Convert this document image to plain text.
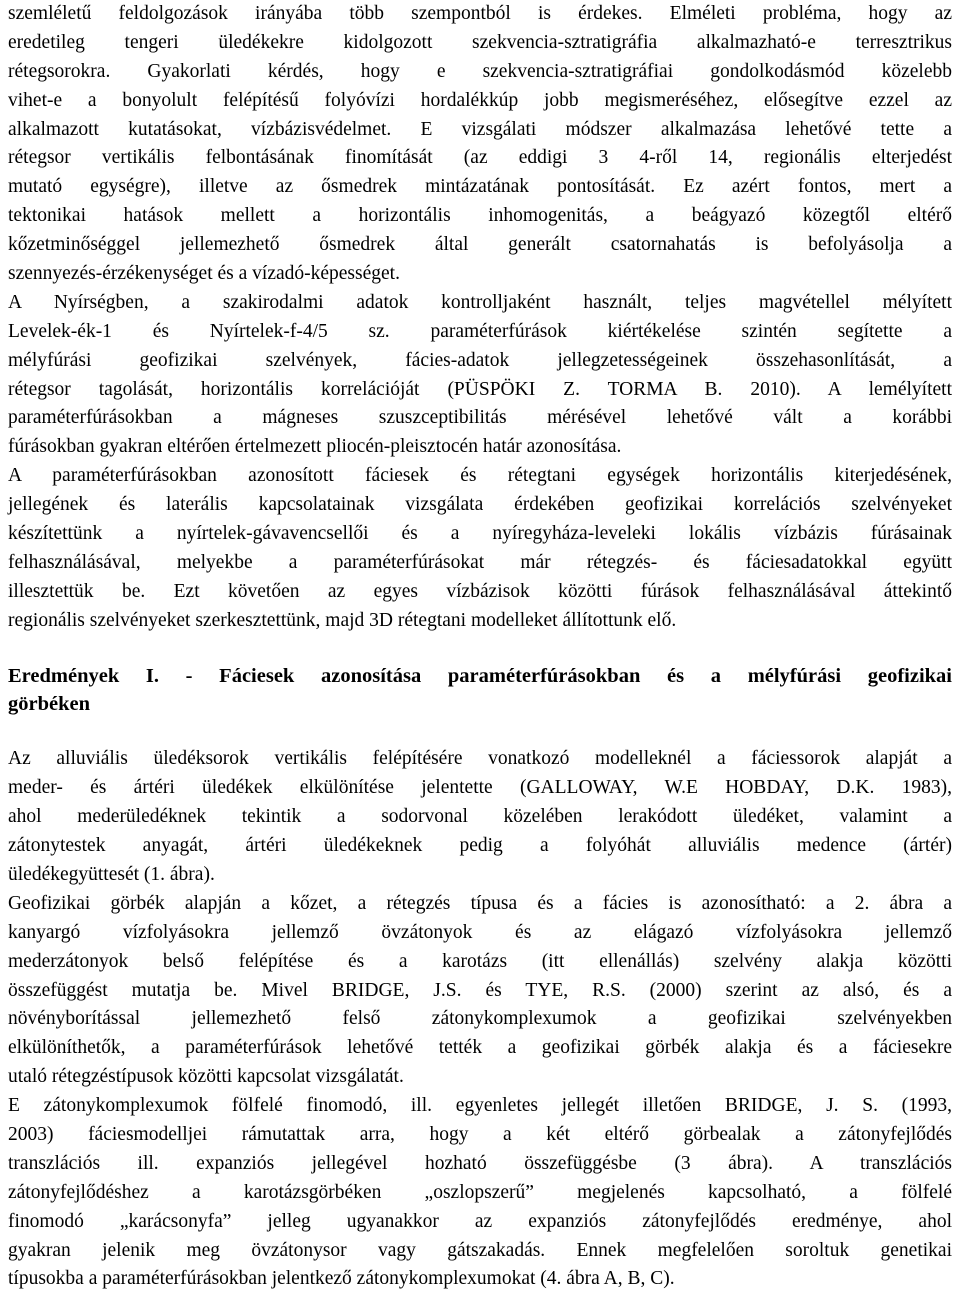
szemléletű feldolgozások irányába több szempontból is érdekes. Elméleti probléma, hogy az
eredetileg tengeri üledékekre kidolgozott szekvencia-sztratigráfia alkalmazható-e terresztrikus
rétegsorokra. Gyakorlati kérdés, hogy e szekvencia-sztratigráfiai gondolkodásmód közelebb
vihet-e a bonyolult felépítésű folyóvízi hordalékkúp jobb megismeréséhez, elősegítve ezzel az
alkalmazott kutatásokat, vízbázisvédelmet. E vizsgálati módszer alkalmazása lehetővé tette a
rétegsor vertikális felbontásának finomítását (az eddigi 3 4-ről 14, regionális elterjedést
mutató egységre), illetve az ősmedrek mintázatának pontosítását. Ez azért fontos, mert a
tektonikai hatások mellett a horizontális inhomogenitás, a beágyazó közegtől eltérő
kőzetminőséggel jellemezhető ősmedrek által generált csatornahatás is befolyásolja a
szennyezés-érzékenységet és a vízadó-képességet.
A Nyírségben, a szakirodalmi adatok kontrolljaként használt, teljes magvétellel mélyített
Levelek-ék-1 és Nyírtelek-f-4/5 sz. paraméterfúrások kiértékelése szintén segítette a
mélyfúrási geofizikai szelvények, fácies-adatok jellegzetességeinek összehasonlítását, a
rétegsor tagolását, horizontális korrelációját (PÜSPÖKI Z. TORMA B. 2010). A lemélyített
paraméterfúrásokban a mágneses szuszceptibilitás mérésével lehetővé vált a korábbi
fúrásokban gyakran eltérően értelmezett pliocén-pleisztocén határ azonosítása.
A paraméterfúrásokban azonosított fáciesek és rétegtani egységek horizontális kiterjedésének,
jellegének és laterális kapcsolatainak vizsgálata érdekében geofizikai korrelációs szelvényeket
készítettünk a nyírtelek-gávavencsellői és a nyíregyháza-leveleki lokális vízbázis fúrásainak
felhasználásával, melyekbe a paraméterfúrásokat már rétegzés- és fáciesadatokkal együtt
illesztettük be. Ezt követően az egyes vízbázisok közötti fúrások felhasználásával áttekintő
regionális szelvényeket szerkesztettünk, majd 3D rétegtani modelleket állítottunk elő.
Eredmények I. - Fáciesek azonosítása paraméterfúrásokban és a mélyfúrási geofizikai
görbéken
Az alluviális üledéksorok vertikális felépítésére vonatkozó modelleknél a fáciessorok alapját a
meder- és ártéri üledékek elkülönítése jelentette (GALLOWAY, W.E HOBDAY, D.K. 1983),
ahol mederüledéknek tekintik a sodorvonal közelében lerakódott üledéket, valamint a
zátonytestek anyagát, ártéri üledékeknek pedig a folyóhát alluviális medence (ártér)
üledékegyüttesét (1. ábra).
Geofizikai görbék alapján a kőzet, a rétegzés típusa és a fácies is azonosítható: a 2. ábra a
kanyargó vízfolyásokra jellemző övzátonyok és az elágazó vízfolyásokra jellemző
mederzátonyok belső felépítése és a karotázs (itt ellenállás) szelvény alakja közötti
összefüggést mutatja be. Mivel BRIDGE, J.S. és TYE, R.S. (2000) szerint az alsó, és a
növényborítással jellemezhető felső zátonykomplexumok a geofizikai szelvényekben
elkülöníthetők, a paraméterfúrások lehetővé tették a geofizikai görbék alakja és a fáciesekre
utaló rétegzéstípusok közötti kapcsolat vizsgálatát.
E zátonykomplexumok fölfelé finomodó, ill. egyenletes jellegét illetően BRIDGE, J. S. (1993,
2003) fáciesmodelljei rámutattak arra, hogy a két eltérő görbealak a zátonyfejlődés
transzlációs ill. expanziós jellegével hozható összefüggésbe (3 ábra). A transzlációs
zátonyfejlődéshez a karotázsgörbéken „oszlopszerű” megjelenés kapcsolható, a fölfelé
finomodó „karácsonyfa” jelleg ugyanakkor az expanziós zátonyfejlődés eredménye, ahol
gyakran jelenik meg övzátonysor vagy gátszakadás. Ennek megfelelően soroltuk genetikai
típusokba a paraméterfúrásokban jelentkező zátonykomplexumokat (4. ábra A, B, C).
